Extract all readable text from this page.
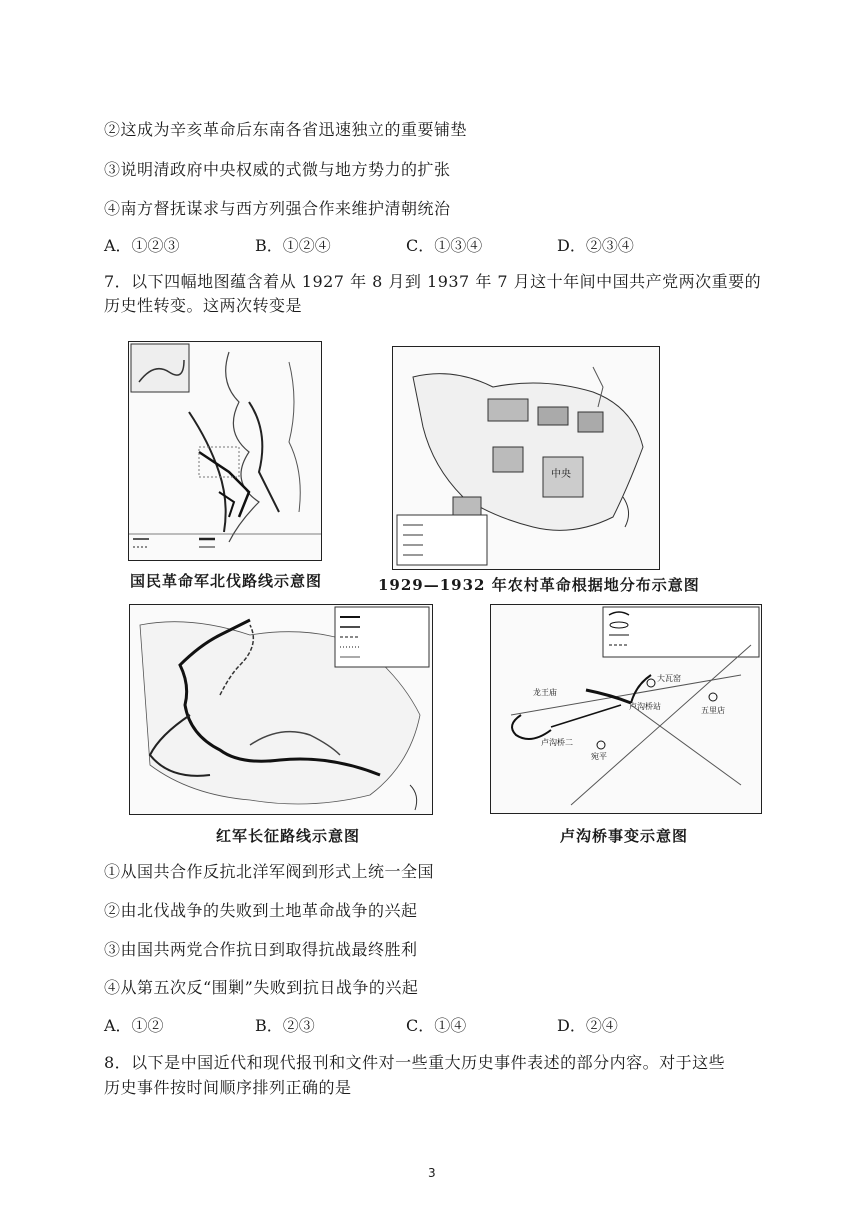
②这成为辛亥革命后东南各省迅速独立的重要铺垫
③说明清政府中央权威的式微与地方势力的扩张
④南方督抚谋求与西方列强合作来维护清朝统治
A．①②③	B．①②④	C．①③④	D．②③④
7．以下四幅地图蕴含着从 1927 年 8 月到 1937 年 7 月这十年间中国共产党两次重要的
历史性转变。这两次转变是
国民革命军北伐路线示意图
中央
1929—1932 年农村革命根据地分布示意图
红军长征路线示意图
大瓦窑
龙王庙
卢沟桥站	五里店
宛平
卢沟桥二
卢沟桥事变示意图
①从国共合作反抗北洋军阀到形式上统一全国
②由北伐战争的失败到土地革命战争的兴起
③由国共两党合作抗日到取得抗战最终胜利
④从第五次反“围剿”失败到抗日战争的兴起
A．①②	B．②③	C．①④	D．②④
8．以下是中国近代和现代报刊和文件对一些重大历史事件表述的部分内容。对于这些
历史事件按时间顺序排列正确的是
3
